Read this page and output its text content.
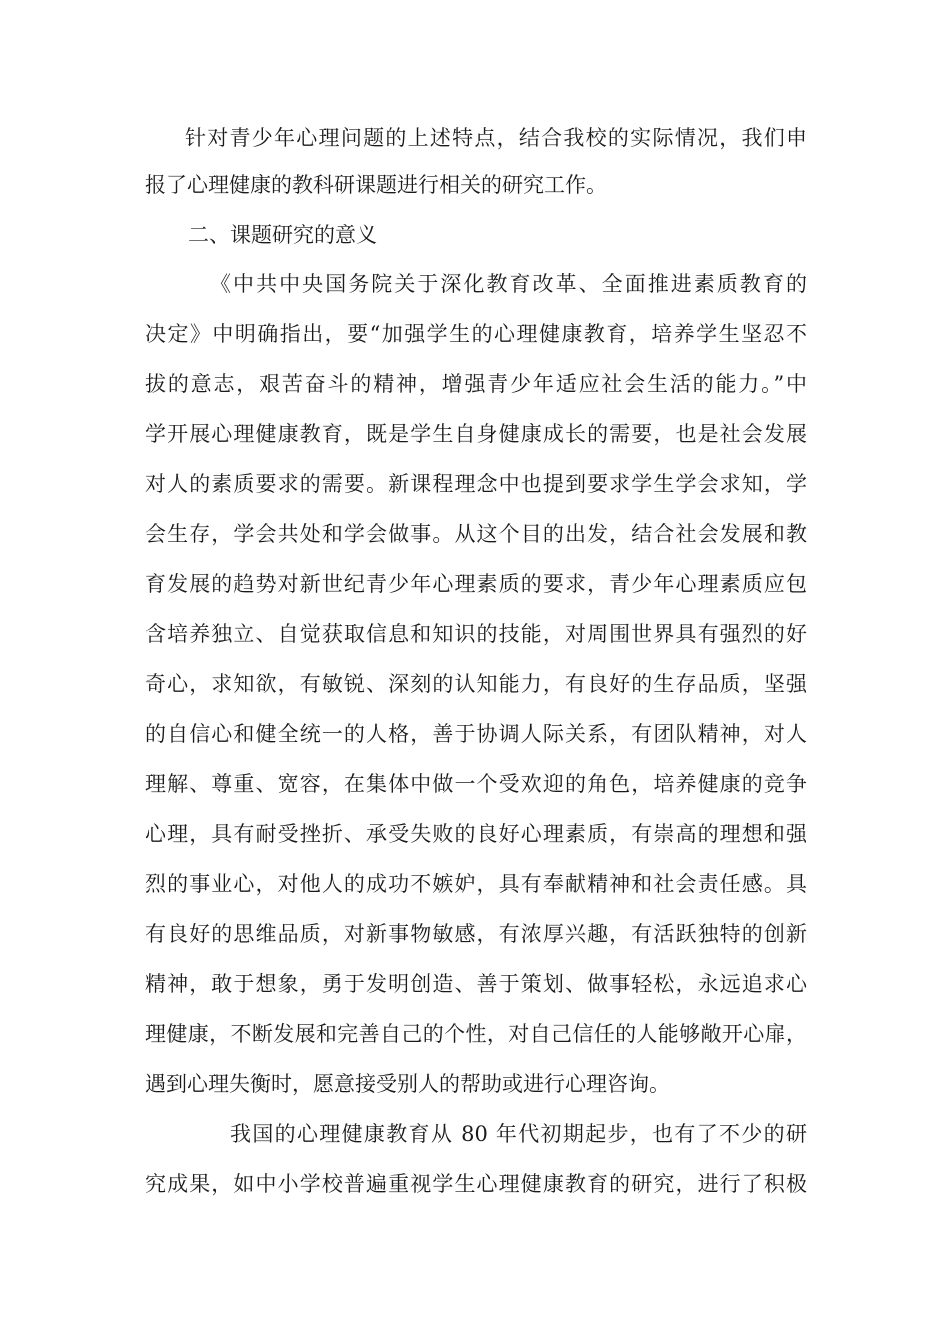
针对青少年心理问题的上述特点，结合我校的实际情况，我们申
报了心理健康的教科研课题进行相关的研究工作。
二、课题研究的意义
《中共中央国务院关于深化教育改革、全面推进素质教育的
决定》中明确指出，要“加强学生的心理健康教育，培养学生坚忍不
拔的意志，艰苦奋斗的精神，增强青少年适应社会生活的能力。”中
学开展心理健康教育，既是学生自身健康成长的需要，也是社会发展
对人的素质要求的需要。新课程理念中也提到要求学生学会求知，学
会生存，学会共处和学会做事。从这个目的出发，结合社会发展和教
育发展的趋势对新世纪青少年心理素质的要求，青少年心理素质应包
含培养独立、自觉获取信息和知识的技能，对周围世界具有强烈的好
奇心，求知欲，有敏锐、深刻的认知能力，有良好的生存品质，坚强
的自信心和健全统一的人格，善于协调人际关系，有团队精神，对人
理解、尊重、宽容，在集体中做一个受欢迎的角色，培养健康的竞争
心理，具有耐受挫折、承受失败的良好心理素质，有崇高的理想和强
烈的事业心，对他人的成功不嫉妒，具有奉献精神和社会责任感。具
有良好的思维品质，对新事物敏感，有浓厚兴趣，有活跃独特的创新
精神，敢于想象，勇于发明创造、善于策划、做事轻松，永远追求心
理健康，不断发展和完善自己的个性，对自己信任的人能够敞开心扉，
遇到心理失衡时，愿意接受别人的帮助或进行心理咨询。
我国的心理健康教育从 80 年代初期起步，也有了不少的研
究成果，如中小学校普遍重视学生心理健康教育的研究，进行了积极
